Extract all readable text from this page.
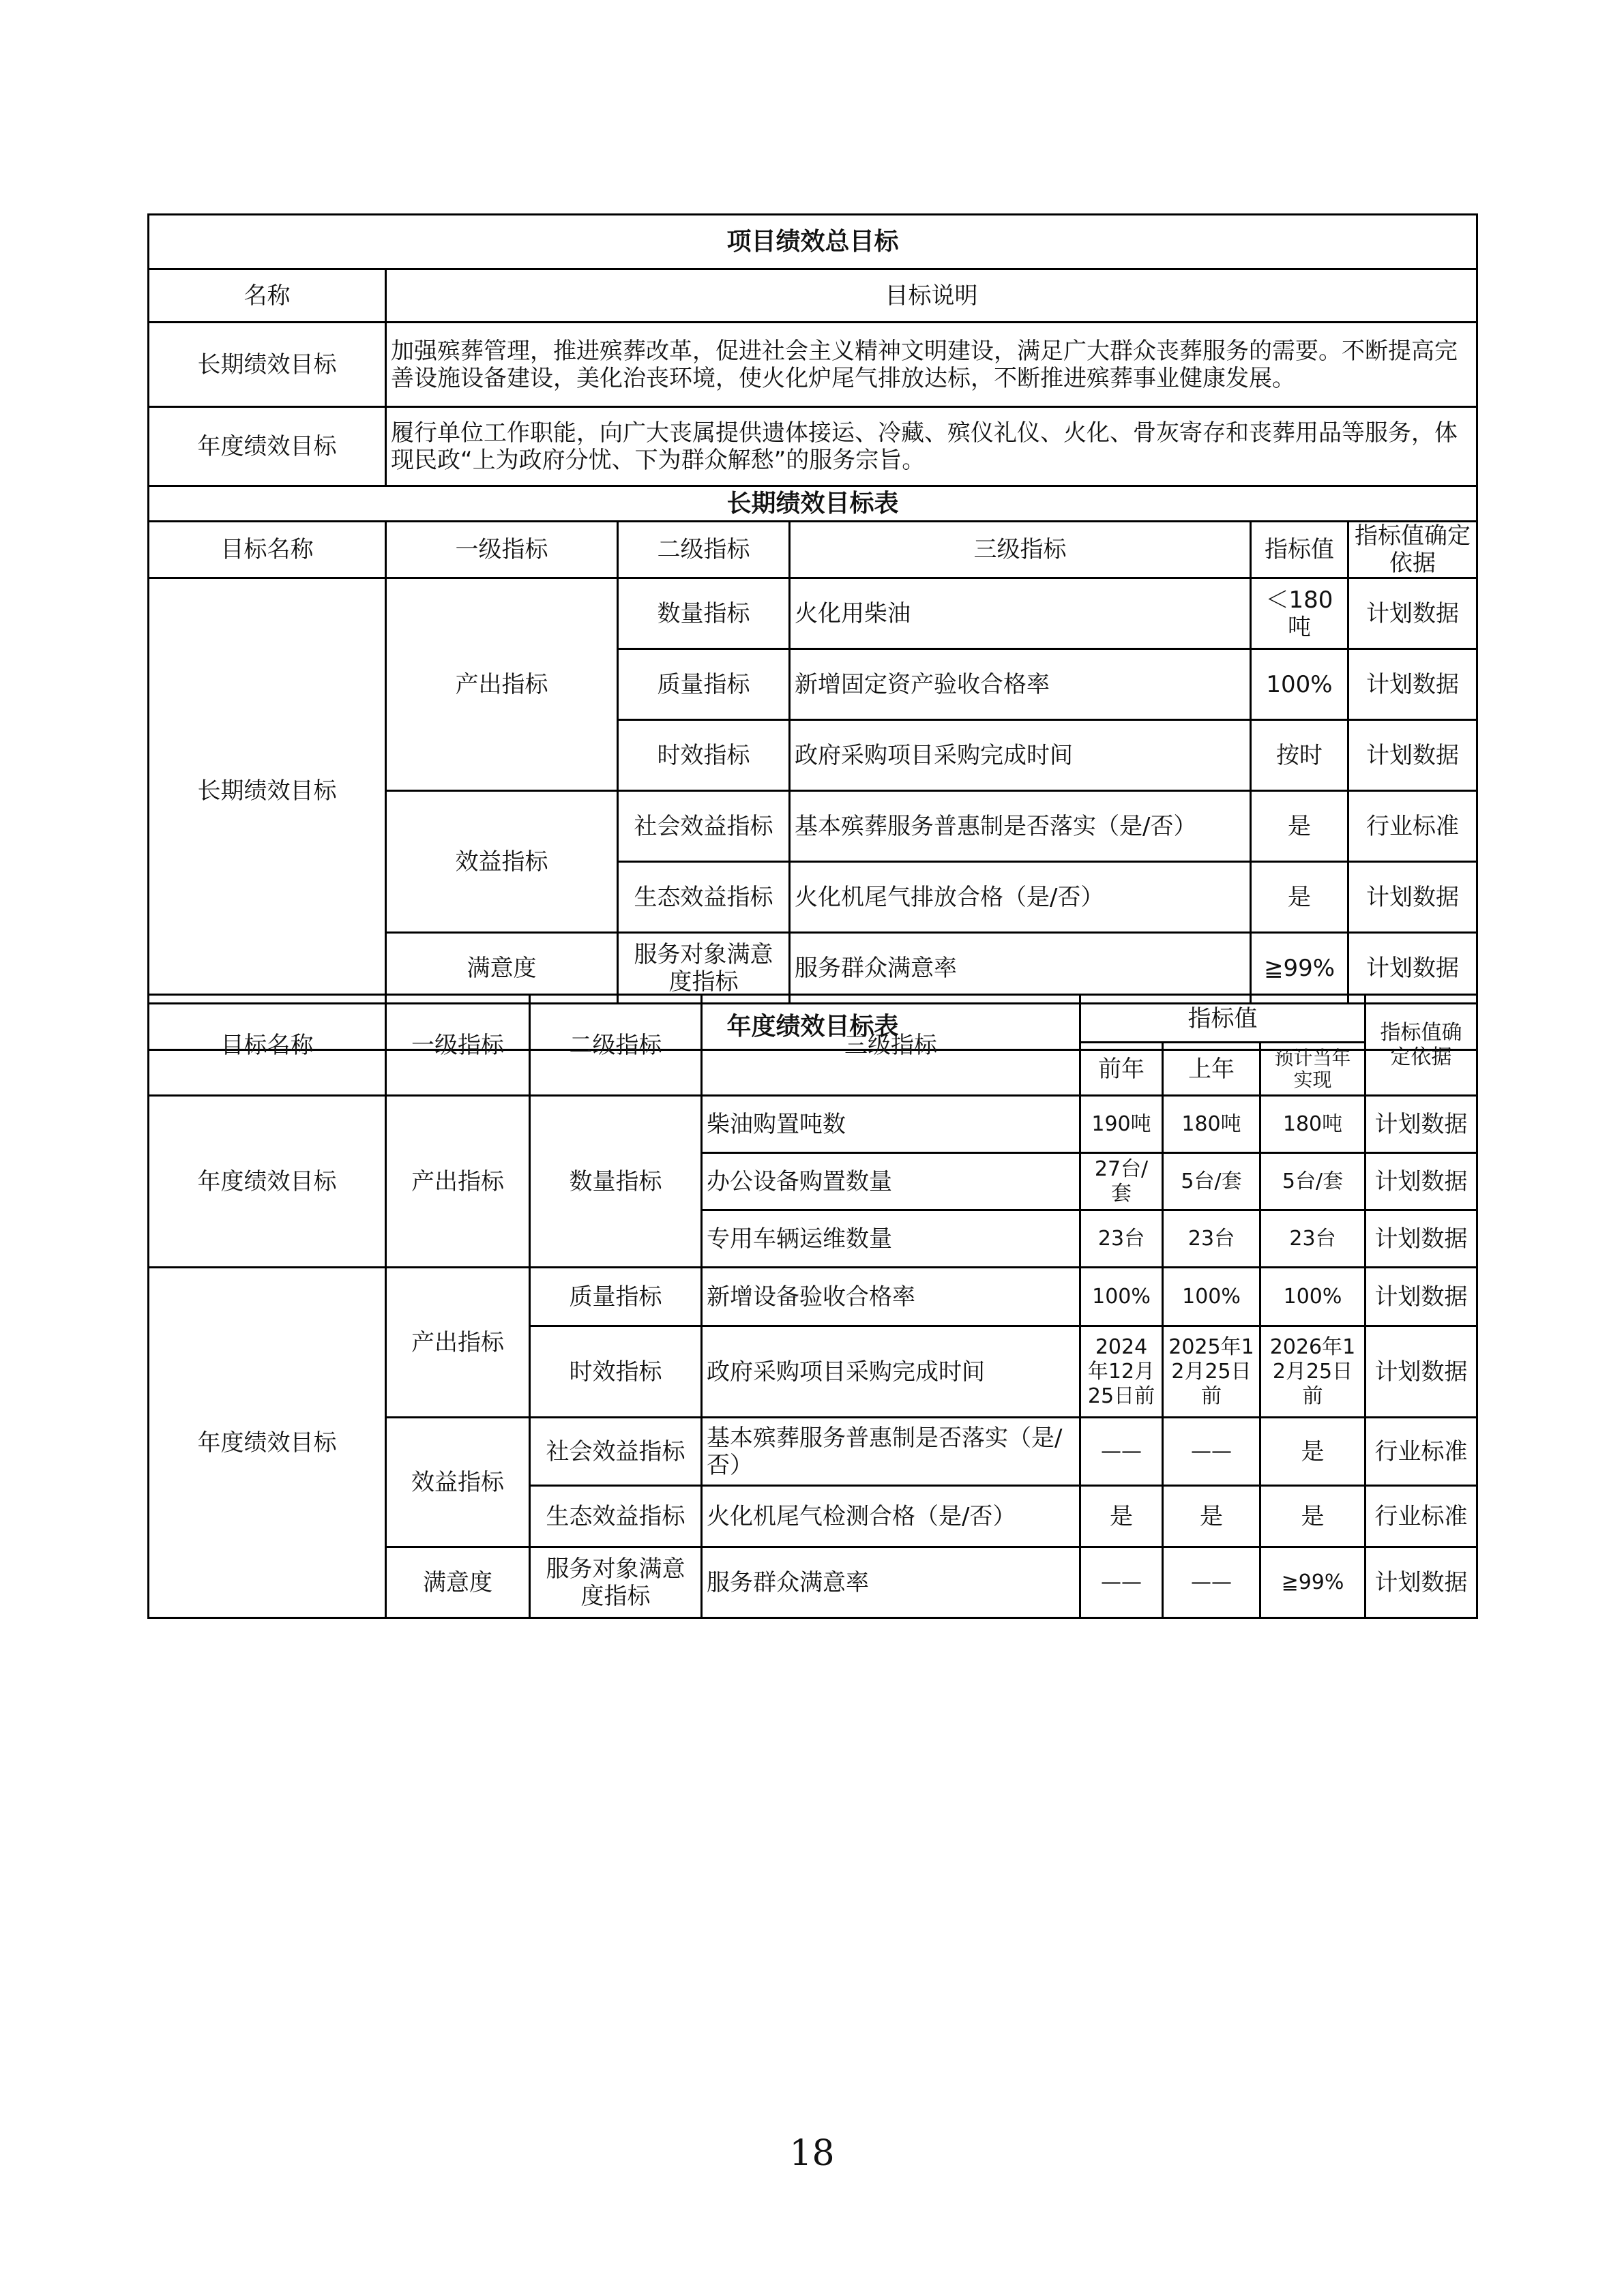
项目绩效总目标					
名称	目标说明				
长期绩效目标	加强殡葬管理，推进殡葬改革，促进社会主义精神文明建设，满足广大群众丧葬服务的需要。不断提高完善设施设备建设，美化治丧环境，使火化炉尾气排放达标，不断推进殡葬事业健康发展。				
年度绩效目标	履行单位工作职能，向广大丧属提供遗体接运、冷藏、殡仪礼仪、火化、骨灰寄存和丧葬用品等服务，体现民政“上为政府分忧、下为群众解愁”的服务宗旨。				
长期绩效目标表					
目标名称	一级指标	二级指标	三级指标	指标值	指标值确定依据
长期绩效目标	产出指标	数量指标	火化用柴油	＜180吨	计划数据
		质量指标	新增固定资产验收合格率	100%	计划数据
		时效指标	政府采购项目采购完成时间	按时	计划数据
	效益指标	社会效益指标	基本殡葬服务普惠制是否落实（是/否）	是	行业标准
		生态效益指标	火化机尾气排放合格（是/否）	是	计划数据
	满意度	服务对象满意度指标	服务群众满意率	≧99%	计划数据
年度绩效目标表					
目标名称	一级指标	二级指标	三级指标	指标值			指标值确定依据
				前年	上年	预计当年实现	
年度绩效目标	产出指标	数量指标	柴油购置吨数	190吨	180吨	180吨	计划数据
			办公设备购置数量	27台/套	5台/套	5台/套	计划数据
			专用车辆运维数量	23台	23台	23台	计划数据
年度绩效目标	产出指标	质量指标	新增设备验收合格率	100%	100%	100%	计划数据
		时效指标	政府采购项目采购完成时间	2024年12月25日前	2025年12月25日前	2026年12月25日前	计划数据
	效益指标	社会效益指标	基本殡葬服务普惠制是否落实（是/否）	——	——	是	行业标准
		生态效益指标	火化机尾气检测合格（是/否）	是	是	是	行业标准
	满意度	服务对象满意度指标	服务群众满意率	——	——	≧99%	计划数据
18
